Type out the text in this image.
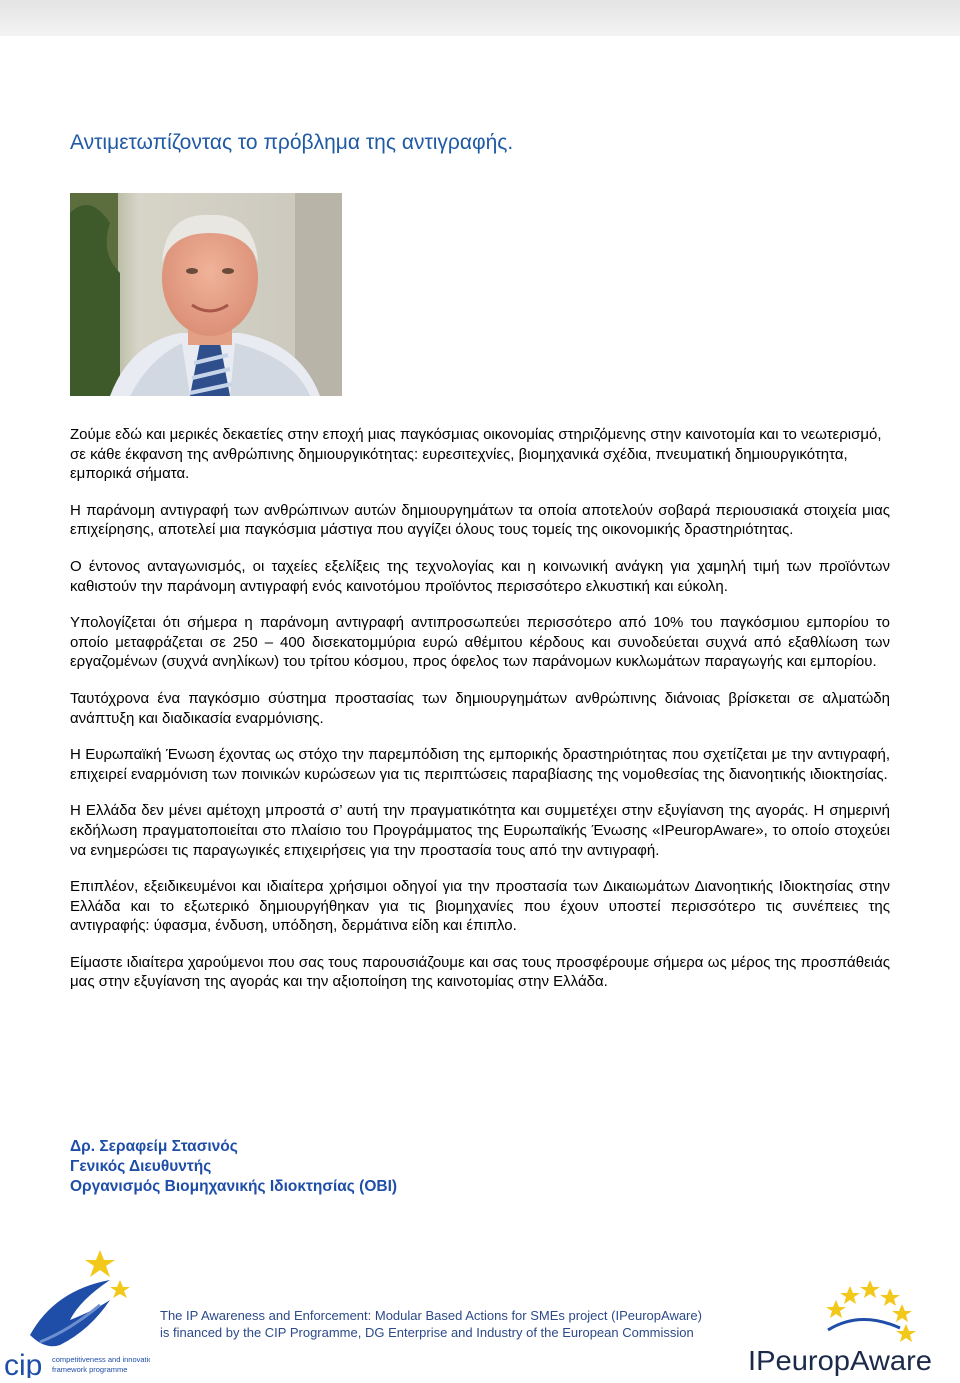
Αντιμετωπίζοντας το πρόβλημα της αντιγραφής.

Ζούμε εδώ και μερικές δεκαετίες στην εποχή μιας παγκόσμιας οικονομίας στηριζόμενης στην καινοτομία και το νεωτερισμό, σε κάθε έκφανση της ανθρώπινης δημιουργικότητας: ευρεσιτεχνίες, βιομηχανικά σχέδια, πνευματική δημιουργικότητα, εμπορικά σήματα.

Η παράνομη αντιγραφή των ανθρώπινων αυτών δημιουργημάτων τα οποία αποτελούν σοβαρά περιουσιακά στοιχεία μιας επιχείρησης, αποτελεί μια παγκόσμια μάστιγα που αγγίζει όλους τους τομείς της οικονομικής δραστηριότητας.

Ο έντονος ανταγωνισμός, οι ταχείες εξελίξεις της τεχνολογίας και η κοινωνική ανάγκη για χαμηλή τιμή των προϊόντων καθιστούν την παράνομη αντιγραφή ενός καινοτόμου προϊόντος περισσότερο ελκυστική και εύκολη.

Υπολογίζεται ότι σήμερα η παράνομη αντιγραφή αντιπροσωπεύει περισσότερο από 10% του παγκόσμιου εμπορίου το οποίο μεταφράζεται σε 250 – 400 δισεκατομμύρια ευρώ αθέμιτου κέρδους και συνοδεύεται συχνά από εξαθλίωση των εργαζομένων (συχνά ανηλίκων) του τρίτου κόσμου, προς όφελος των παράνομων κυκλωμάτων παραγωγής και εμπορίου.

Ταυτόχρονα ένα παγκόσμιο σύστημα προστασίας των δημιουργημάτων ανθρώπινης διάνοιας βρίσκεται σε αλματώδη ανάπτυξη και διαδικασία εναρμόνισης.

Η Ευρωπαϊκή Ένωση έχοντας ως στόχο την παρεμπόδιση της εμπορικής δραστηριότητας που σχετίζεται με την αντιγραφή, επιχειρεί εναρμόνιση των ποινικών κυρώσεων για τις περιπτώσεις παραβίασης της νομοθεσίας της διανοητικής ιδιοκτησίας.

Η Ελλάδα δεν μένει αμέτοχη μπροστά σ’ αυτή την πραγματικότητα και συμμετέχει στην εξυγίανση της αγοράς. Η σημερινή εκδήλωση πραγματοποιείται στο πλαίσιο του Προγράμματος της Ευρωπαϊκής Ένωσης «IPeuropAware», το οποίο στοχεύει να ενημερώσει τις παραγωγικές επιχειρήσεις για την προστασία τους από την αντιγραφή.

Επιπλέον, εξειδικευμένοι και ιδιαίτερα χρήσιμοι οδηγοί για την προστασία των Δικαιωμάτων Διανοητικής Ιδιοκτησίας στην Ελλάδα και το εξωτερικό δημιουργήθηκαν για τις βιομηχανίες που έχουν υποστεί περισσότερο τις συνέπειες της αντιγραφής: ύφασμα, ένδυση, υπόδηση, δερμάτινα είδη και έπιπλο.

Είμαστε ιδιαίτερα χαρούμενοι που σας τους παρουσιάζουμε και σας τους προσφέρουμε σήμερα ως μέρος της προσπάθειάς μας στην εξυγίανση της αγοράς και την αξιοποίηση της καινοτομίας στην Ελλάδα.

Δρ. Σεραφείμ Στασινός
Γενικός Διευθυντής
Οργανισμός Βιομηχανικής Ιδιοκτησίας (ΟΒΙ)
cip competitiveness and innovation
framework programme
The IP Awareness and Enforcement: Modular Based Actions for SMEs project (IPeuropAware)
is financed by the CIP Programme, DG Enterprise and Industry of the European Commission
IPeuropAware
